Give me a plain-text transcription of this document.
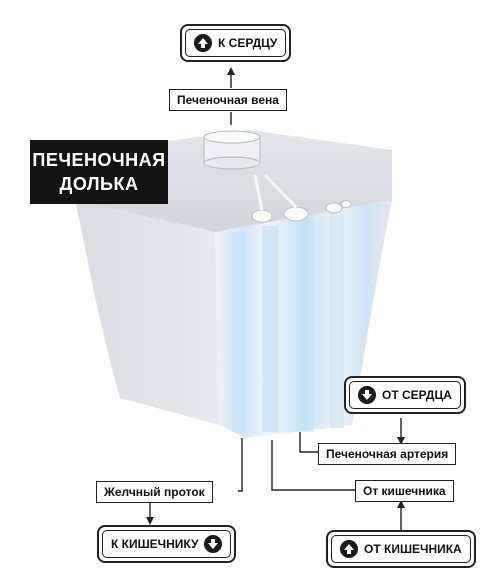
ПЕЧЕНОЧНАЯ
ДОЛЬКА
К СЕРДЦУ
Печеночная вена
ОТ СЕРДЦА
Печеночная артерия
Желчный проток
К КИШЕЧНИКУ
От кишечника
ОТ КИШЕЧНИКА
